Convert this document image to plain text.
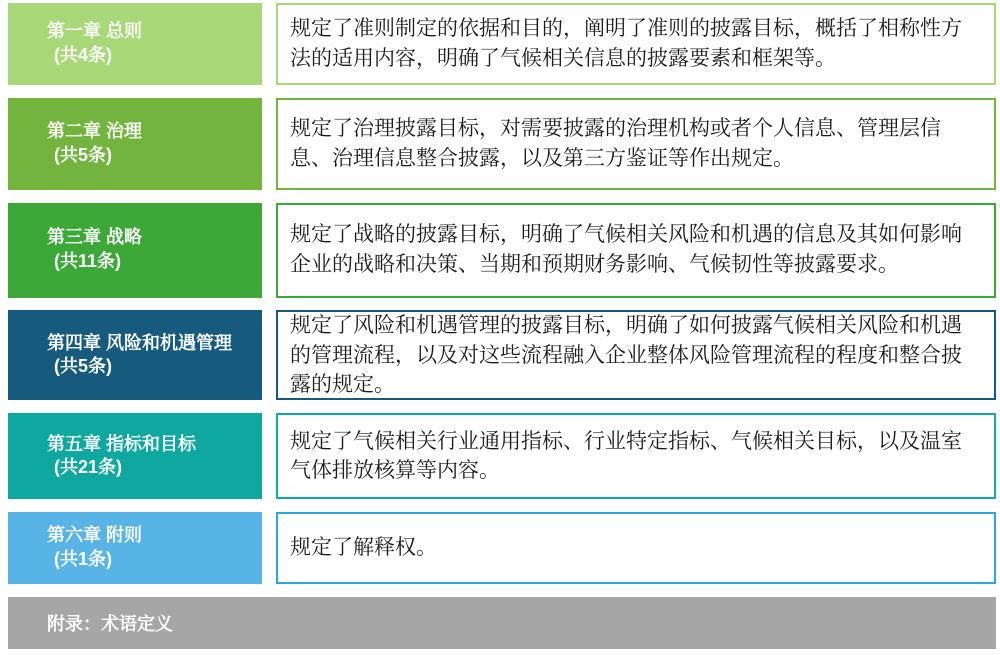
第一章 总则
(共4条)
规定了准则制定的依据和目的，阐明了准则的披露目标，概括了相称性方法的适用内容，明确了气候相关信息的披露要素和框架等。
第二章 治理
(共5条)
规定了治理披露目标，对需要披露的治理机构或者个人信息、管理层信息、治理信息整合披露，以及第三方鉴证等作出规定。
第三章 战略
(共11条)
规定了战略的披露目标，明确了气候相关风险和机遇的信息及其如何影响企业的战略和决策、当期和预期财务影响、气候韧性等披露要求。
第四章 风险和机遇管理
(共5条)
规定了风险和机遇管理的披露目标，明确了如何披露气候相关风险和机遇的管理流程，以及对这些流程融入企业整体风险管理流程的程度和整合披露的规定。
第五章 指标和目标
(共21条)
规定了气候相关行业通用指标、行业特定指标、气候相关目标，以及温室气体排放核算等内容。
第六章 附则
(共1条)	规定了解释权。
附录：术语定义
